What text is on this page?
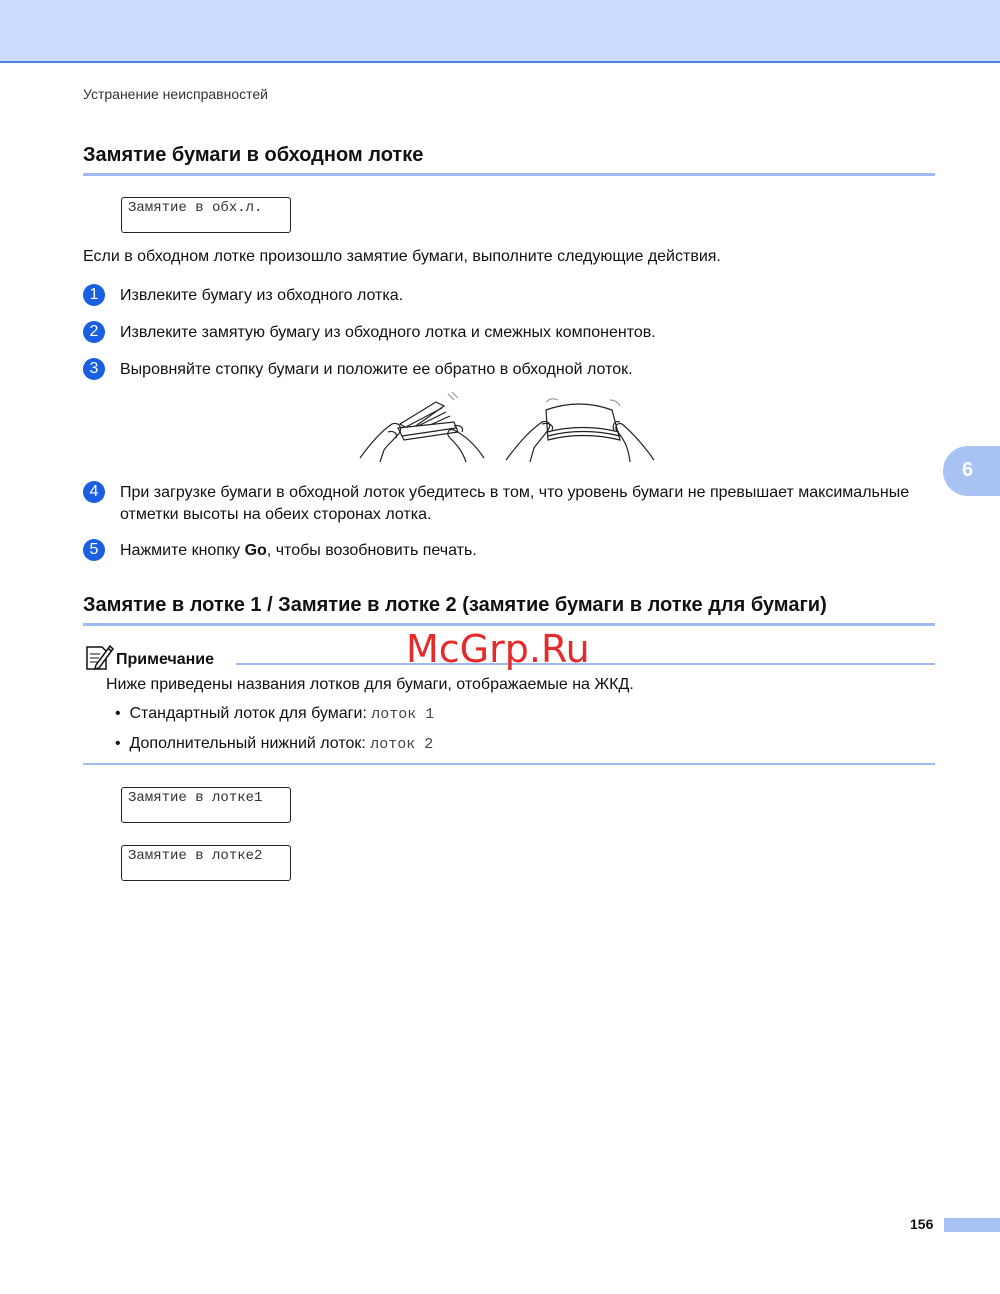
Устранение неисправностей
Замятие бумаги в обходном лотке
Замятие в обх.л.
Если в обходном лотке произошло замятие бумаги, выполните следующие действия.
1	Извлеките бумагу из обходного лотка.
2	Извлеките замятую бумагу из обходного лотка и смежных компонентов.
3	Выровняйте стопку бумаги и положите ее обратно в обходной лоток.
6
4	При загрузке бумаги в обходной лоток убедитесь в том, что уровень бумаги не превышает максимальные отметки высоты на обеих сторонах лотка.
5	Нажмите кнопку Go, чтобы возобновить печать.
Замятие в лотке 1 / Замятие в лотке 2 (замятие бумаги в лотке для бумаги)
Примечание	McGrp.Ru
Ниже приведены названия лотков для бумаги, отображаемые на ЖКД.
•  Стандартный лоток для бумаги: лоток 1
•  Дополнительный нижний лоток: лоток 2
Замятие в лотке1
Замятие в лотке2
156
